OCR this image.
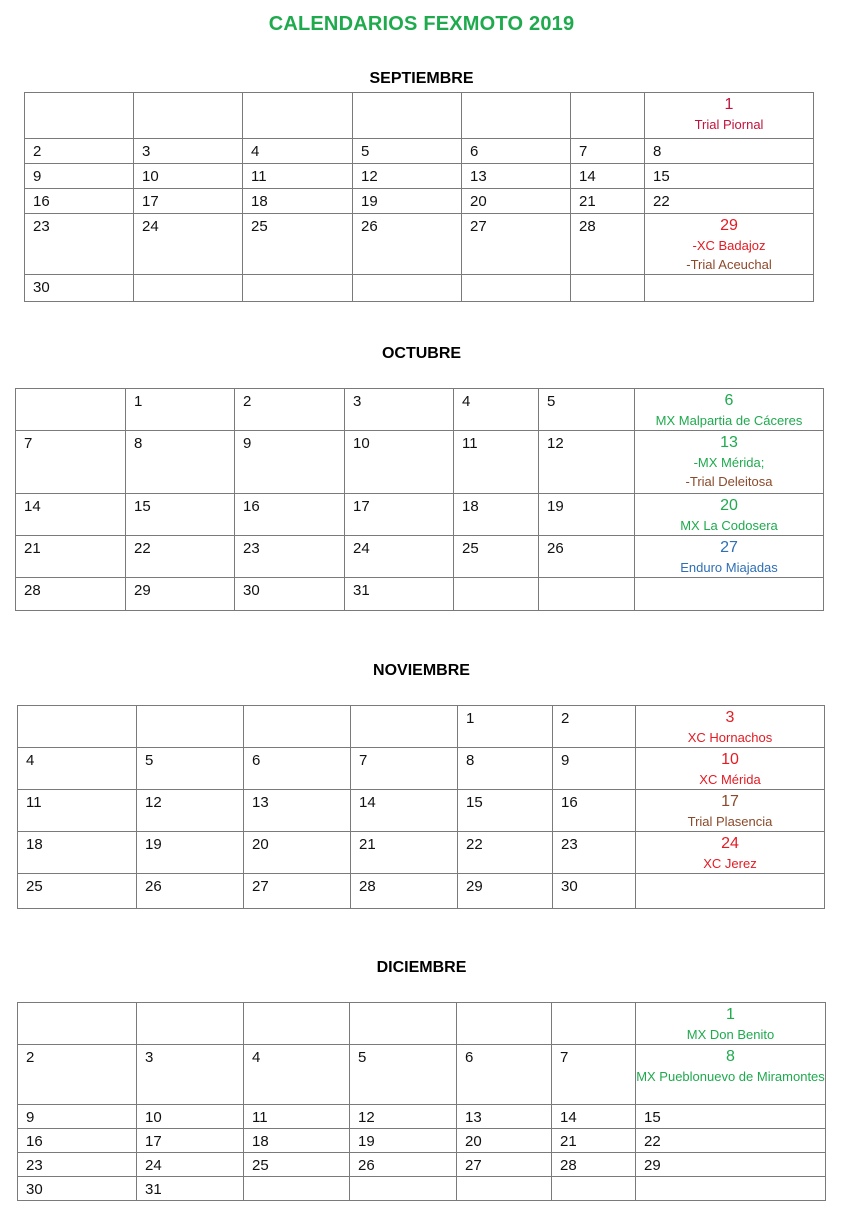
CALENDARIOS FEXMOTO 2019
SEPTIEMBRE

						1
Trial Piornal

2	3	4	5	6	7	8

9	10	11	12	13	14	15

16	17	18	19	20	21	22

23	24	25	26	27	28	29
-XC Badajoz
-Trial Aceuchal

30						

OCTUBRE

	1	2	3	4	5	6
MX Malpartia de Cáceres

7	8	9	10	11	12	13
-MX Mérida;
-Trial Deleitosa

14	15	16	17	18	19	20
MX La Codosera

21	22	23	24	25	26	27
Enduro Miajadas

28	29	30	31			

NOVIEMBRE

				1	2	3
XC Hornachos

4	5	6	7	8	9	10
XC Mérida

11	12	13	14	15	16	17
Trial Plasencia

18	19	20	21	22	23	24
XC Jerez

25	26	27	28	29	30	

DICIEMBRE

						1
MX Don Benito

2	3	4	5	6	7	8
MX Pueblonuevo de Miramontes

9	10	11	12	13	14	15

16	17	18	19	20	21	22

23	24	25	26	27	28	29

30	31					
